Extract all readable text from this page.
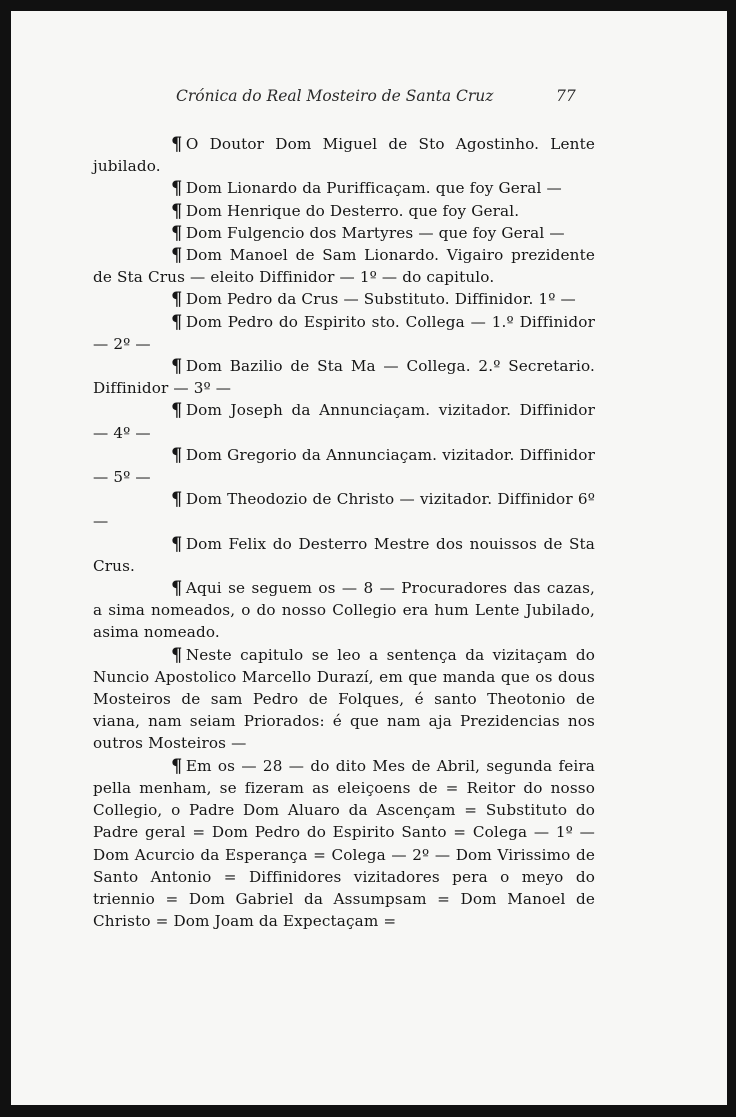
Crónica do Real Mosteiro de Santa Cruz	77

¶ O Doutor Dom Miguel de Sto Agostinho. Lente jubilado.

¶ Dom Lionardo da Purifficaçam. que foy Geral —

¶ Dom Henrique do Desterro. que foy Geral.

¶ Dom Fulgencio dos Martyres — que foy Geral —

¶ Dom Manoel de Sam Lionardo. Vigairo prezidente de Sta Crus — eleito Diffinidor — 1º — do capitulo.

¶ Dom Pedro da Crus — Substituto. Diffinidor. 1º —

¶ Dom Pedro do Espirito sto. Collega — 1.º Diffinidor — 2º —

¶ Dom Bazilio de Sta Ma — Collega. 2.º Secretario. Diffinidor — 3º —

¶ Dom Joseph da Annunciaçam. vizitador. Diffinidor — 4º —

¶ Dom Gregorio da Annunciaçam. vizitador. Diffinidor — 5º —

¶ Dom Theodozio de Christo — vizitador. Diffinidor 6º —

¶ Dom Felix do Desterro Mestre dos nouissos de Sta Crus.

¶ Aqui se seguem os — 8 — Procuradores das cazas, a sima nomeados, o do nosso Collegio era hum Lente Jubilado, asima nomeado.

¶ Neste capitulo se leo a sentença da vizitaçam do Nuncio Apostolico Marcello Durazí, em que manda que os dous Mosteiros de sam Pedro de Folques, é santo Theotonio de viana, nam seiam Priorados: é que nam aja Prezidencias nos outros Mosteiros —

¶ Em os — 28 — do dito Mes de Abril, segunda feira pella menham, se fizeram as eleiçoens de = Reitor do nosso Collegio, o Padre Dom Aluaro da Ascençam = Substituto do Padre geral = Dom Pedro do Espirito Santo = Colega — 1º — Dom Acurcio da Esperança = Colega — 2º — Dom Virissimo de Santo Antonio = Diffinidores vizitadores pera o meyo do triennio = Dom Gabriel da Assumpsam = Dom Manoel de Christo = Dom Joam da Expectaçam =
